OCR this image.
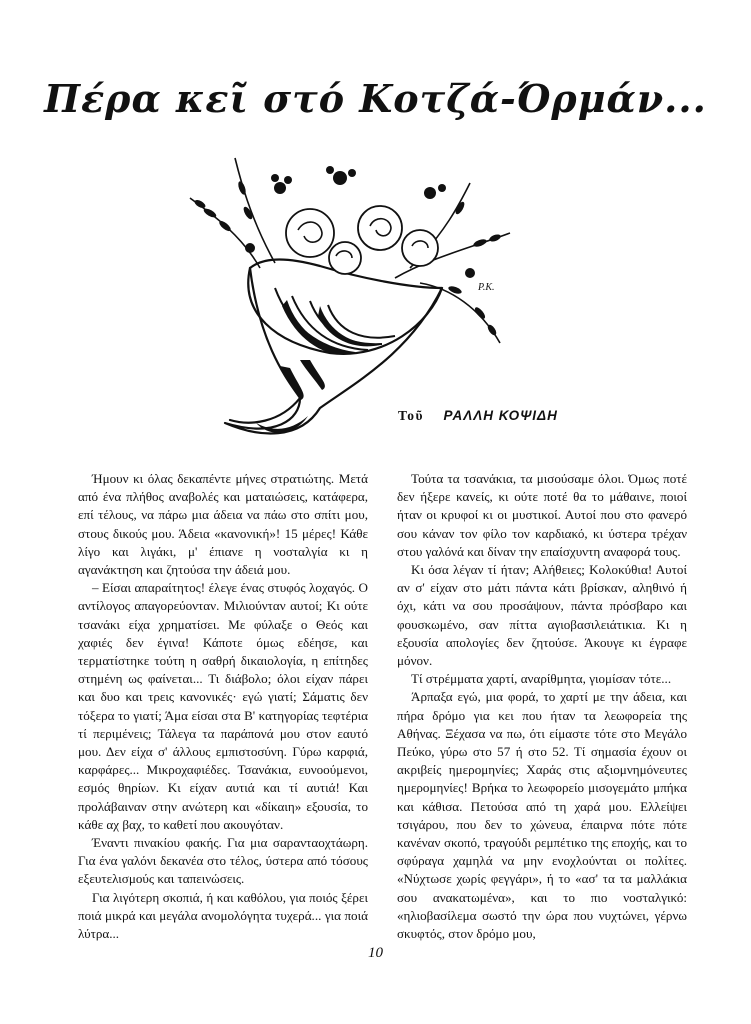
Πέρα κεῖ στό Κοτζά-Όρμάν...
P.K.
Τοῦ ΡΑΛΛΗ ΚΟΨΙΔΗ

Ήμουν κι όλας δεκαπέντε μήνες στρατιώτης. Μετά από ένα πλήθος αναβολές και ματαιώσεις, κατάφερα, επί τέλους, να πάρω μια άδεια να πάω στο σπίτι μου, στους δικούς μου. Άδεια «κανονική»! 15 μέρες! Κάθε λίγο και λιγάκι, μ' έπιανε η νοσταλγία κι η αγανάκτηση και ζητούσα την άδειά μου.

– Είσαι απαραίτητος! έλεγε ένας στυφός λοχαγός. Ο αντίλογος απαγορεύονταν. Μιλιούνταν αυτοί; Κι ούτε τσανάκι είχα χρηματίσει. Με φύλαξε ο Θεός και χαφιές δεν έγινα! Κάποτε όμως εδέησε, και τερματίστηκε τούτη η σαθρή δικαιολογία, η επίτηδες στημένη ως φαίνεται... Τι διάβολο; όλοι είχαν πάρει και δυο και τρεις κανονικές· εγώ γιατί; Σάματις δεν τόξερα το γιατί; Άμα είσαι στα Β' κατηγορίας τεφτέρια τί περιμένεις; Τάλεγα τα παράπονά μου στον εαυτό μου. Δεν είχα σ' άλλους εμπιστοσύνη. Γύρω καρφιά, καρφάρες... Μικροχαφιέδες. Τσανάκια, ευνοούμενοι, εσμός θηρίων. Κι είχαν αυτιά και τί αυτιά! Και προλάβαιναν στην ανώτερη και «δίκαιη» εξουσία, το κάθε αχ βαχ, το καθετί που ακουγόταν.

Έναντι πινακίου φακής. Για μια σαρανταοχτάωρη. Για ένα γαλόνι δεκανέα στο τέλος, ύστερα από τόσους εξευτελισμούς και ταπεινώσεις.

Για λιγότερη σκοπιά, ή και καθόλου, για ποιός ξέρει ποιά μικρά και μεγάλα ανομολόγητα τυχερά... για ποιά λύτρα...

Τούτα τα τσανάκια, τα μισούσαμε όλοι. Όμως ποτέ δεν ήξερε κανείς, κι ούτε ποτέ θα το μάθαινε, ποιοί ήταν οι κρυφοί κι οι μυστικοί. Αυτοί που στο φανερό σου κάναν τον φίλο τον καρδιακό, κι ύστερα τρέχαν στου γαλόνά και δίναν την επαίσχυντη αναφορά τους.

Κι όσα λέγαν τί ήταν; Αλήθειες; Κολοκύθια! Αυτοί αν σ' είχαν στο μάτι πάντα κάτι βρίσκαν, αληθινό ή όχι, κάτι να σου προσάψουν, πάντα πρόσβαρο και φουσκωμένο, σαν πίττα αγιοβασιλειάτικια. Κι η εξουσία απολογίες δεν ζητούσε. Άκουγε κι έγραφε μόνον.

Τί στρέμματα χαρτί, αναρίθμητα, γιομίσαν τότε...

Άρπαξα εγώ, μια φορά, το χαρτί με την άδεια, και πήρα δρόμο για κει που ήταν τα λεωφορεία της Αθήνας. Ξέχασα να πω, ότι είμαστε τότε στο Μεγάλο Πεύκο, γύρω στο 57 ή στο 52. Τί σημασία έχουν οι ακριβείς ημερομηνίες; Χαράς στις αξιομνημόνευτες ημερομηνίες! Βρήκα το λεωφορείο μισογεμάτο μπήκα και κάθισα. Πετούσα από τη χαρά μου. Ελλείψει τσιγάρου, που δεν το χώνευα, έπαιρνα πότε πότε κανέναν σκοπό, τραγούδι ρεμπέτικο της εποχής, και το σφύραγα χαμηλά να μην ενοχλούνται οι πολίτες. «Νύχτωσε χωρίς φεγγάρι», ή το «ασ' τα τα μαλλάκια σου ανακατωμένα», και το πιο νοσταλγικό: «ηλιοβασίλεμα σωστό την ώρα που νυχτώνει, γέρνω σκυφτός, στον δρόμο μου,

10
